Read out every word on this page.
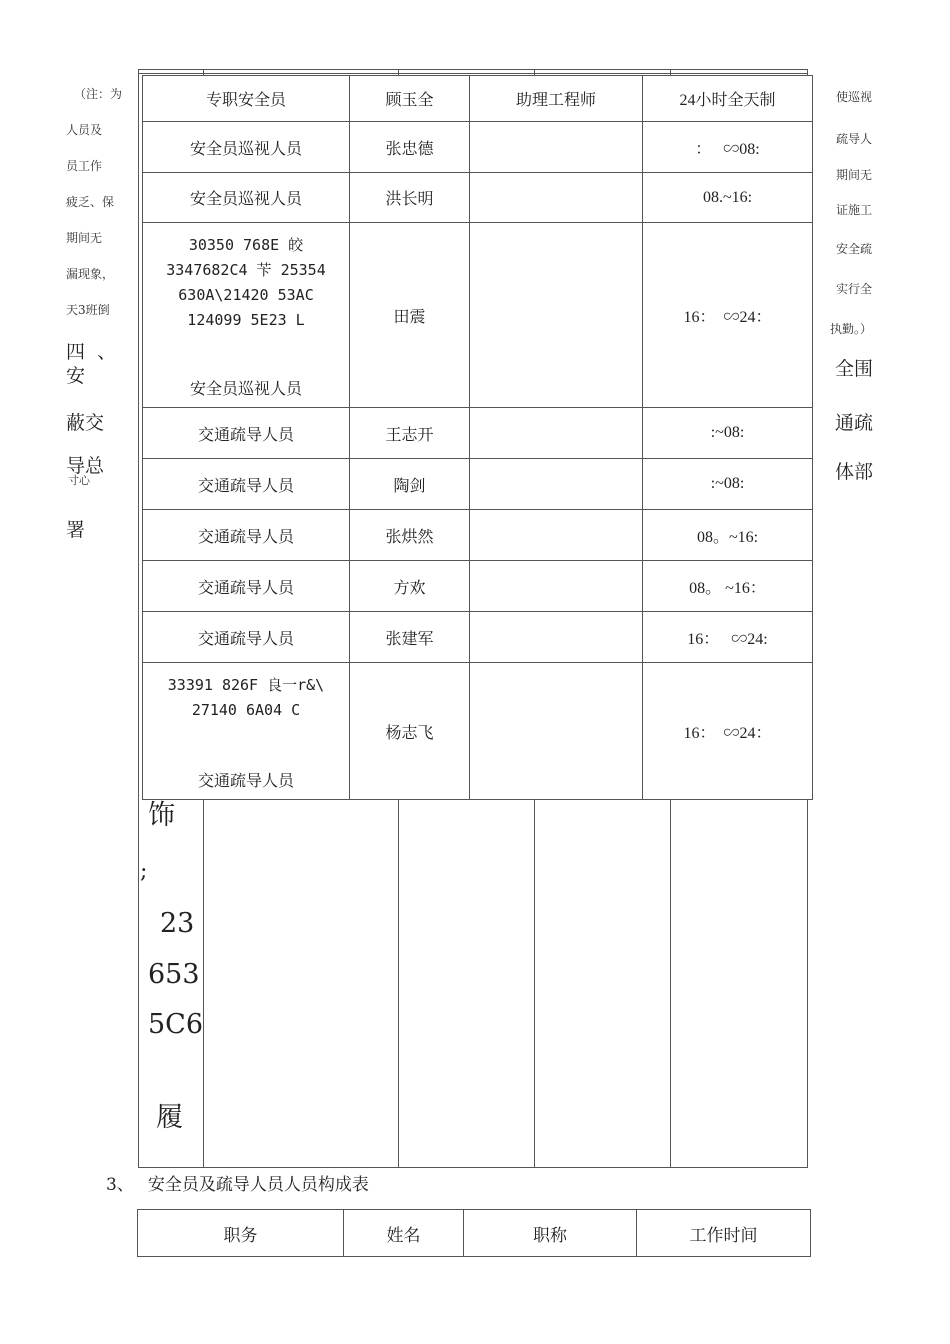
（注：为
人员及
员工作
疲乏、保
期间无
漏现象，
天3班倒
四  、
安
蔽交
导总
寸心
署
使巡视
疏导人
期间无
证施工
安全疏
实行全
执勤。）
全围
通疏
体部
饰
;
23
653
5C6
履
专职安全员	顾玉全	助理工程师	24小时全天制
安全员巡视人员	张忠德		：   ∽08:
安全员巡视人员	洪长明		08.~16:

30350 768E 皎
3347682C4 苄 25354
630A\21420 53AC
124099 5E23 L
安全员巡视人员	田震		16：  ∽24：
交通疏导人员	王志开		:~08:
交通疏导人员	陶剑		:~08:
交通疏导人员	张烘然		08。~16:
交通疏导人员	方欢		08。 ~16：
交通疏导人员	张建军		16：   ∽24:

33391 826F 良一r&\
27140 6A04 C
交通疏导人员	杨志飞		16：  ∽24：
3、 安全员及疏导人员人员构成表
职务	姓名	职称	工作时间
